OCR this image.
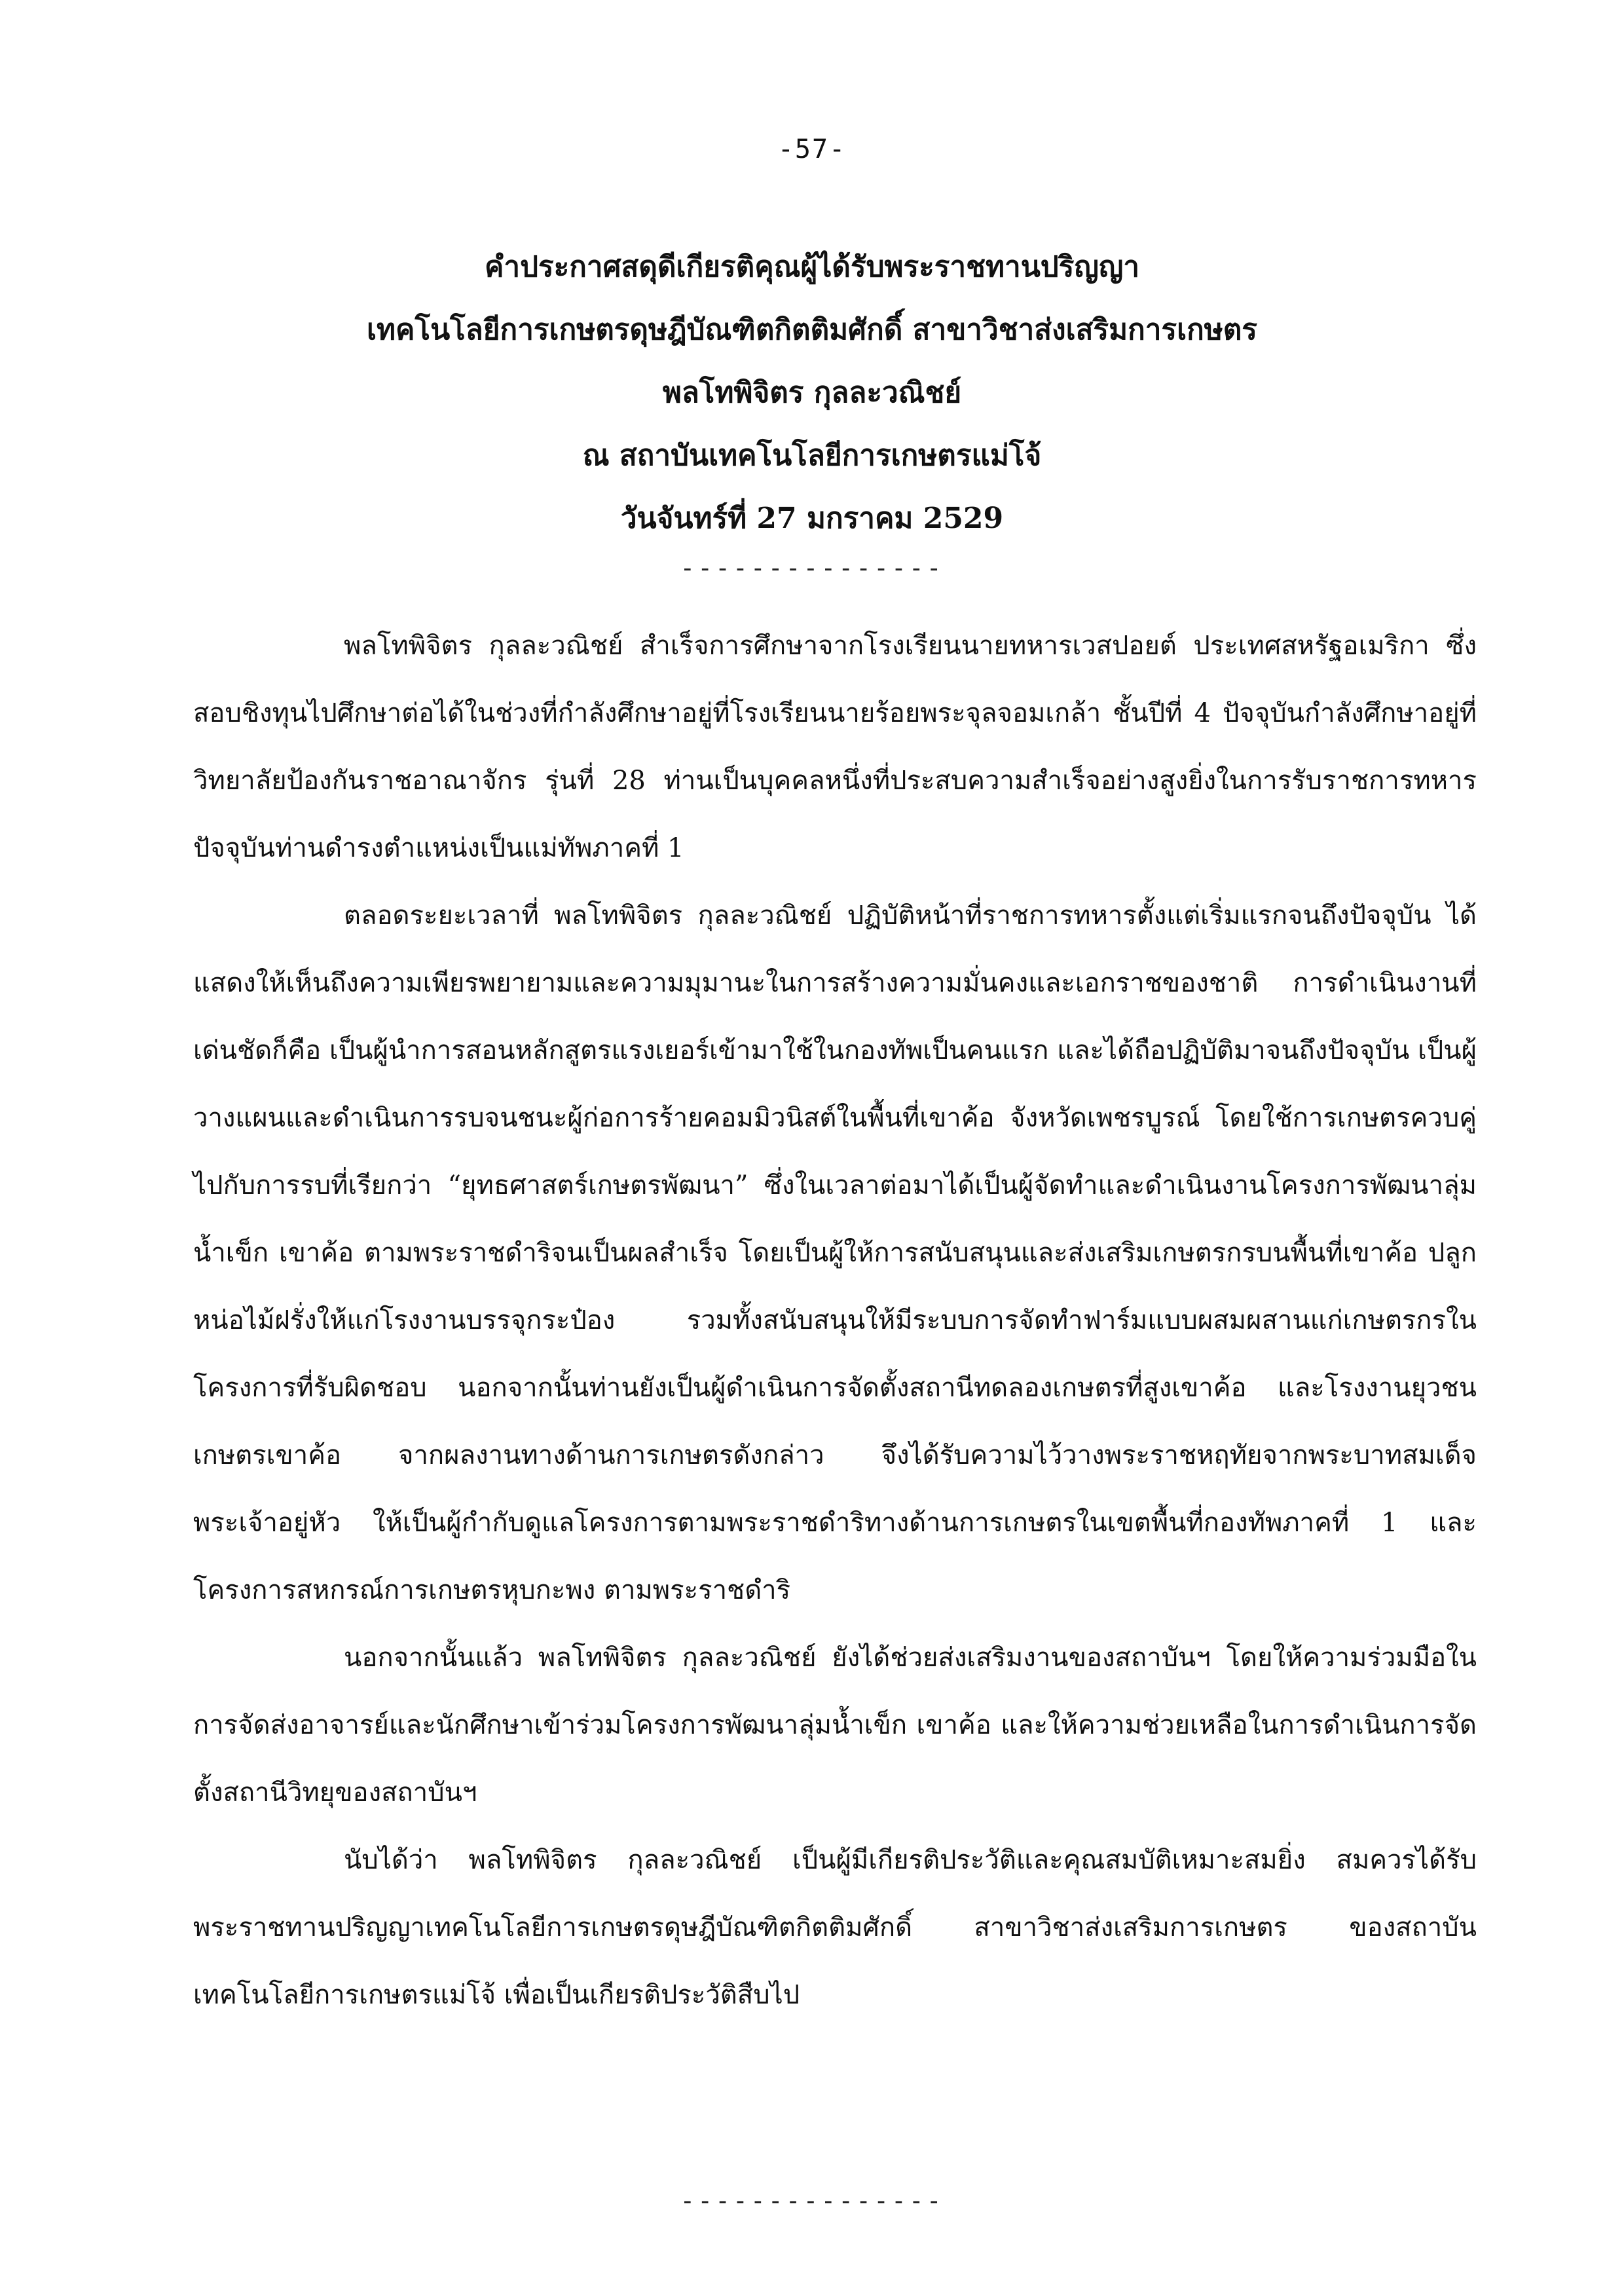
-57-
คำประกาศสดุดีเกียรติคุณผู้ได้รับพระราชทานปริญญา
เทคโนโลยีการเกษตรดุษฎีบัณฑิตกิตติมศักดิ์ สาขาวิชาส่งเสริมการเกษตร
พลโทพิจิตร กุลละวณิชย์
ณ สถาบันเทคโนโลยีการเกษตรแม่โจ้
วันจันทร์ที่ 27 มกราคม 2529
---------------

พลโทพิจิตร กุลละวณิชย์ สำเร็จการศึกษาจากโรงเรียนนายทหารเวสปอยต์ ประเทศสหรัฐอเมริกา ซึ่งสอบชิงทุนไปศึกษาต่อได้ในช่วงที่กำลังศึกษาอยู่ที่โรงเรียนนายร้อยพระจุลจอมเกล้า ชั้นปีที่ 4 ปัจจุบันกำลังศึกษาอยู่ที่วิทยาลัยป้องกันราชอาณาจักร รุ่นที่ 28 ท่านเป็นบุคคลหนึ่งที่ประสบความสำเร็จอย่างสูงยิ่งในการรับราชการทหาร ปัจจุบันท่านดำรงตำแหน่งเป็นแม่ทัพภาคที่ 1

ตลอดระยะเวลาที่ พลโทพิจิตร กุลละวณิชย์ ปฏิบัติหน้าที่ราชการทหารตั้งแต่เริ่มแรกจนถึงปัจจุบัน ได้แสดงให้เห็นถึงความเพียรพยายามและความมุมานะในการสร้างความมั่นคงและเอกราชของชาติ การดำเนินงานที่เด่นชัดก็คือ เป็นผู้นำการสอนหลักสูตรแรงเยอร์เข้ามาใช้ในกองทัพเป็นคนแรก และได้ถือปฏิบัติมาจนถึงปัจจุบัน เป็นผู้วางแผนและดำเนินการรบจนชนะผู้ก่อการร้ายคอมมิวนิสต์ในพื้นที่เขาค้อ จังหวัดเพชรบูรณ์ โดยใช้การเกษตรควบคู่ไปกับการรบที่เรียกว่า “ยุทธศาสตร์เกษตรพัฒนา” ซึ่งในเวลาต่อมาได้เป็นผู้จัดทำและดำเนินงานโครงการพัฒนาลุ่มน้ำเข็ก เขาค้อ ตามพระราชดำริจนเป็นผลสำเร็จ โดยเป็นผู้ให้การสนับสนุนและส่งเสริมเกษตรกรบนพื้นที่เขาค้อ ปลูกหน่อไม้ฝรั่งให้แก่โรงงานบรรจุกระป๋อง รวมทั้งสนับสนุนให้มีระบบการจัดทำฟาร์มแบบผสมผสานแก่เกษตรกรในโครงการที่รับผิดชอบ นอกจากนั้นท่านยังเป็นผู้ดำเนินการจัดตั้งสถานีทดลองเกษตรที่สูงเขาค้อ และโรงงานยุวชนเกษตรเขาค้อ จากผลงานทางด้านการเกษตรดังกล่าว จึงได้รับความไว้วางพระราชหฤทัยจากพระบาทสมเด็จพระเจ้าอยู่หัว ให้เป็นผู้กำกับดูแลโครงการตามพระราชดำริทางด้านการเกษตรในเขตพื้นที่กองทัพภาคที่ 1 และโครงการสหกรณ์การเกษตรหุบกะพง ตามพระราชดำริ

นอกจากนั้นแล้ว พลโทพิจิตร กุลละวณิชย์ ยังได้ช่วยส่งเสริมงานของสถาบันฯ โดยให้ความร่วมมือในการจัดส่งอาจารย์และนักศึกษาเข้าร่วมโครงการพัฒนาลุ่มน้ำเข็ก เขาค้อ และให้ความช่วยเหลือในการดำเนินการจัดตั้งสถานีวิทยุของสถาบันฯ

นับได้ว่า พลโทพิจิตร กุลละวณิชย์ เป็นผู้มีเกียรติประวัติและคุณสมบัติเหมาะสมยิ่ง สมควรได้รับพระราชทานปริญญาเทคโนโลยีการเกษตรดุษฎีบัณฑิตกิตติมศักดิ์ สาขาวิชาส่งเสริมการเกษตร ของสถาบันเทคโนโลยีการเกษตรแม่โจ้ เพื่อเป็นเกียรติประวัติสืบไป

---------------
